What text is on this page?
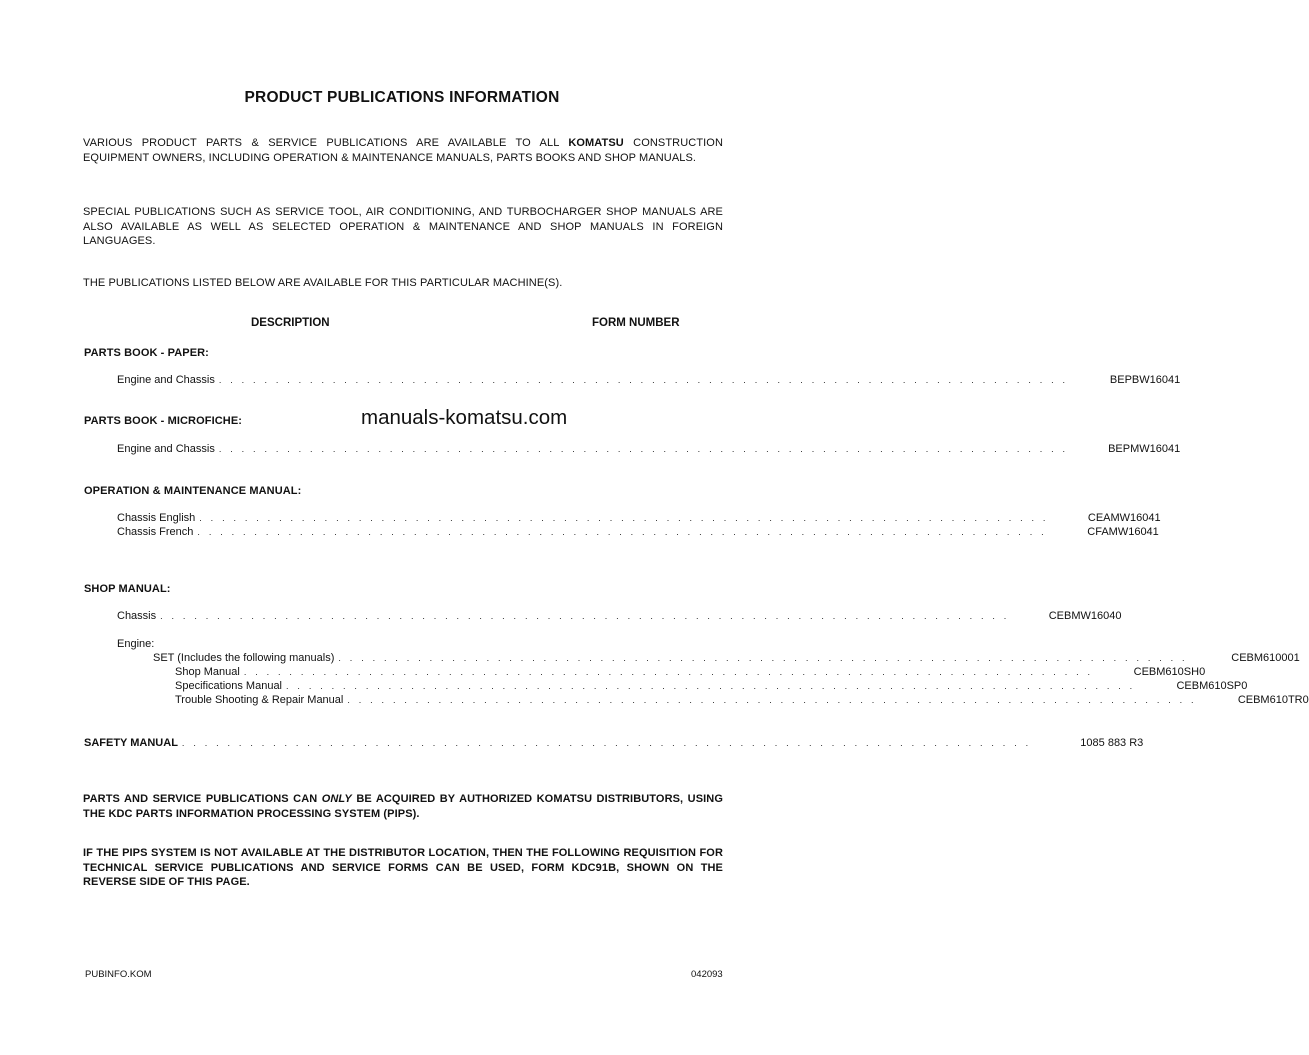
PRODUCT PUBLICATIONS INFORMATION
VARIOUS PRODUCT PARTS & SERVICE PUBLICATIONS ARE AVAILABLE TO ALL KOMATSU CONSTRUCTION EQUIPMENT OWNERS, INCLUDING OPERATION & MAINTENANCE MANUALS, PARTS BOOKS AND SHOP MANUALS.
SPECIAL PUBLICATIONS SUCH AS SERVICE TOOL, AIR CONDITIONING, AND TURBOCHARGER SHOP MANUALS ARE ALSO AVAILABLE AS WELL AS SELECTED OPERATION & MAINTENANCE AND SHOP MANUALS IN FOREIGN LANGUAGES.
THE PUBLICATIONS LISTED BELOW ARE AVAILABLE FOR THIS PARTICULAR MACHINE(S).
DESCRIPTION	FORM NUMBER
PARTS BOOK - PAPER:
Engine and Chassis . . . . . . . . . . . . . . . . . . . . . . . . . . . . . . . . . . . . . . . . . . . . . . . . . . . . . . . . . . . . . . . . . . . . . . . . . . .	BEPBW16041
PARTS BOOK - MICROFICHE:	manuals-komatsu.com
Engine and Chassis . . . . . . . . . . . . . . . . . . . . . . . . . . . . . . . . . . . . . . . . . . . . . . . . . . . . . . . . . . . . . . . . . . . . . . . . . . .	BEPMW16041
OPERATION & MAINTENANCE MANUAL:
Chassis English . . . . . . . . . . . . . . . . . . . . . . . . . . . . . . . . . . . . . . . . . . . . . . . . . . . . . . . . . . . . . . . . . . . . . . . . . . .	CEAMW16041
Chassis French . . . . . . . . . . . . . . . . . . . . . . . . . . . . . . . . . . . . . . . . . . . . . . . . . . . . . . . . . . . . . . . . . . . . . . . . . . .	CFAMW16041
SHOP MANUAL:
Chassis . . . . . . . . . . . . . . . . . . . . . . . . . . . . . . . . . . . . . . . . . . . . . . . . . . . . . . . . . . . . . . . . . . . . . . . . . . .	CEBMW16040
Engine:
SET (Includes the following manuals) . . . . . . . . . . . . . . . . . . . . . . . . . . . . . . . . . . . . . . . . . . . . . . . . . . . . . . . . . . . . . . . . . . . . . . . . . . .	CEBM610001
Shop Manual . . . . . . . . . . . . . . . . . . . . . . . . . . . . . . . . . . . . . . . . . . . . . . . . . . . . . . . . . . . . . . . . . . . . . . . . . . .	CEBM610SH0
Specifications Manual . . . . . . . . . . . . . . . . . . . . . . . . . . . . . . . . . . . . . . . . . . . . . . . . . . . . . . . . . . . . . . . . . . . . . . . . . . .	CEBM610SP0
Trouble Shooting & Repair Manual . . . . . . . . . . . . . . . . . . . . . . . . . . . . . . . . . . . . . . . . . . . . . . . . . . . . . . . . . . . . . . . . . . . . . . . . . . .	CEBM610TR0
SAFETY MANUAL . . . . . . . . . . . . . . . . . . . . . . . . . . . . . . . . . . . . . . . . . . . . . . . . . . . . . . . . . . . . . . . . . . . . . . . . . . .	1085 883 R3
PARTS AND SERVICE PUBLICATIONS CAN ONLY BE ACQUIRED BY AUTHORIZED KOMATSU DISTRIBUTORS, USING THE KDC PARTS INFORMATION PROCESSING SYSTEM (PIPS).
IF THE PIPS SYSTEM IS NOT AVAILABLE AT THE DISTRIBUTOR LOCATION, THEN THE FOLLOWING REQUISITION FOR TECHNICAL SERVICE PUBLICATIONS AND SERVICE FORMS CAN BE USED, FORM KDC91B, SHOWN ON THE REVERSE SIDE OF THIS PAGE.
PUBINFO.KOM	042093
